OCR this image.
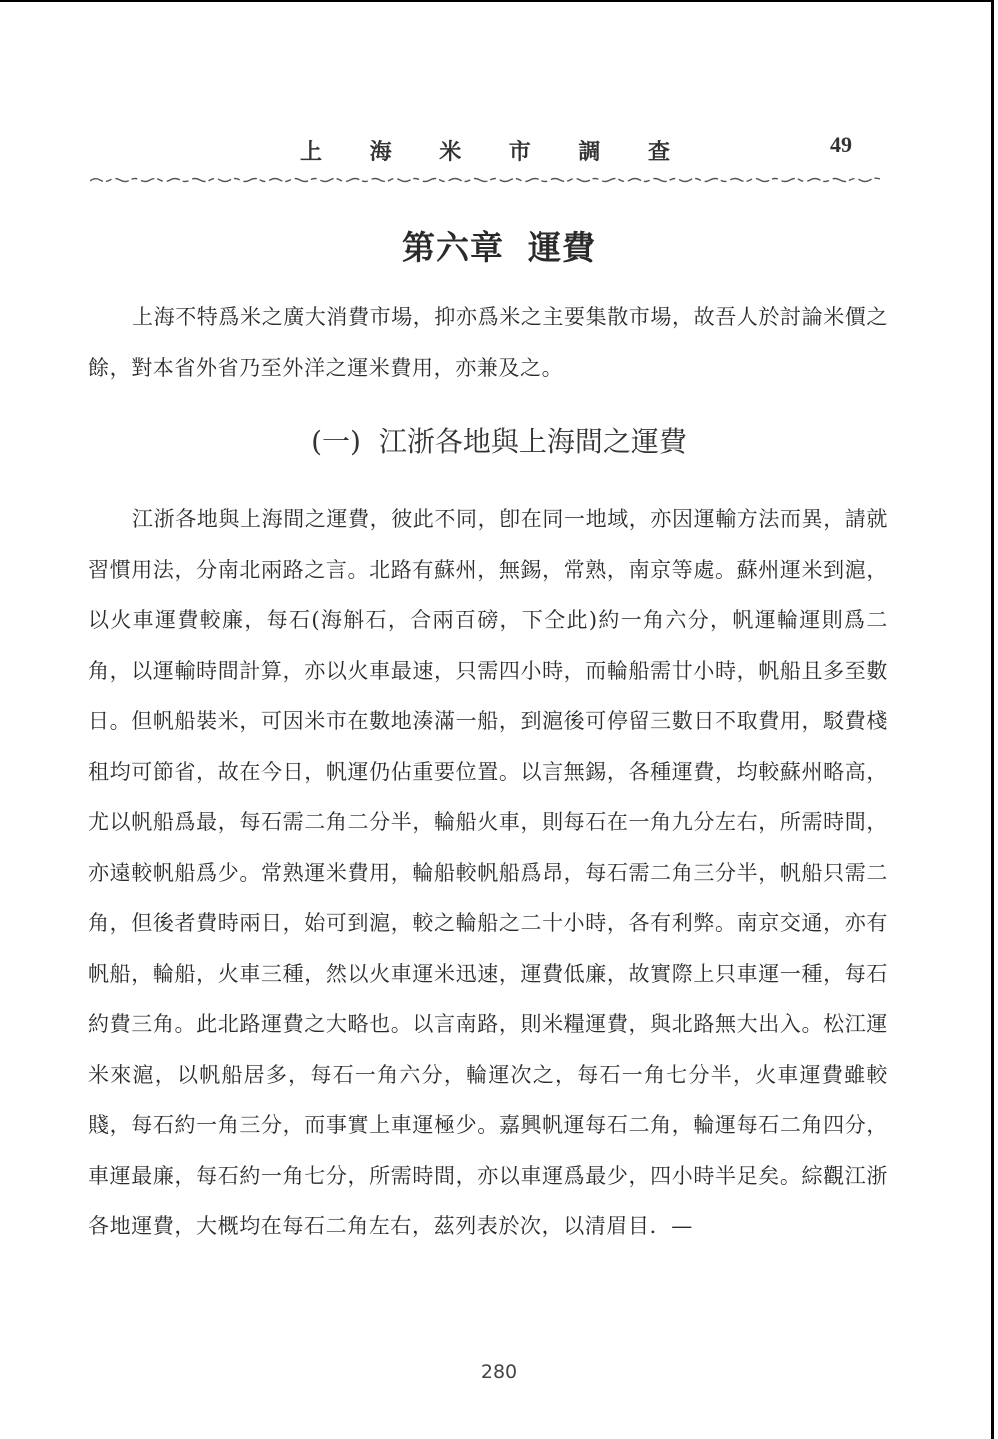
上 海 米 市 調 查	49
第六章 運費
上海不特爲米之廣大消費市場，抑亦爲米之主要集散市場，故吾人於討論米價之餘，對本省外省乃至外洋之運米費用，亦兼及之。
(一) 江浙各地與上海間之運費
江浙各地與上海間之運費，彼此不同，卽在同一地域，亦因運輸方法而異，請就習慣用法，分南北兩路之言。北路有蘇州，無錫，常熟，南京等處。蘇州運米到滬，以火車運費較廉，每石(海斛石，合兩百磅，下仝此)約一角六分，帆運輪運則爲二角，以運輸時間計算，亦以火車最速，只需四小時，而輪船需廿小時，帆船且多至數日。但帆船裝米，可因米市在數地湊滿一船，到滬後可停留三數日不取費用，駁費棧租均可節省，故在今日，帆運仍佔重要位置。以言無錫，各種運費，均較蘇州略高，尤以帆船爲最，每石需二角二分半，輪船火車，則每石在一角九分左右，所需時間，亦遠較帆船爲少。常熟運米費用，輪船較帆船爲昂，每石需二角三分半，帆船只需二角，但後者費時兩日，始可到滬，較之輪船之二十小時，各有利弊。南京交通，亦有帆船，輪船，火車三種，然以火車運米迅速，運費低廉，故實際上只車運一種，每石約費三角。此北路運費之大略也。以言南路，則米糧運費，與北路無大出入。松江運米來滬，以帆船居多，每石一角六分，輪運次之，每石一角七分半，火車運費雖較賤，每石約一角三分，而事實上車運極少。嘉興帆運每石二角，輪運每石二角四分，車運最廉，每石約一角七分，所需時間，亦以車運爲最少，四小時半足矣。綜觀江浙各地運費，大概均在每石二角左右，茲列表於次，以清眉目．—
280
